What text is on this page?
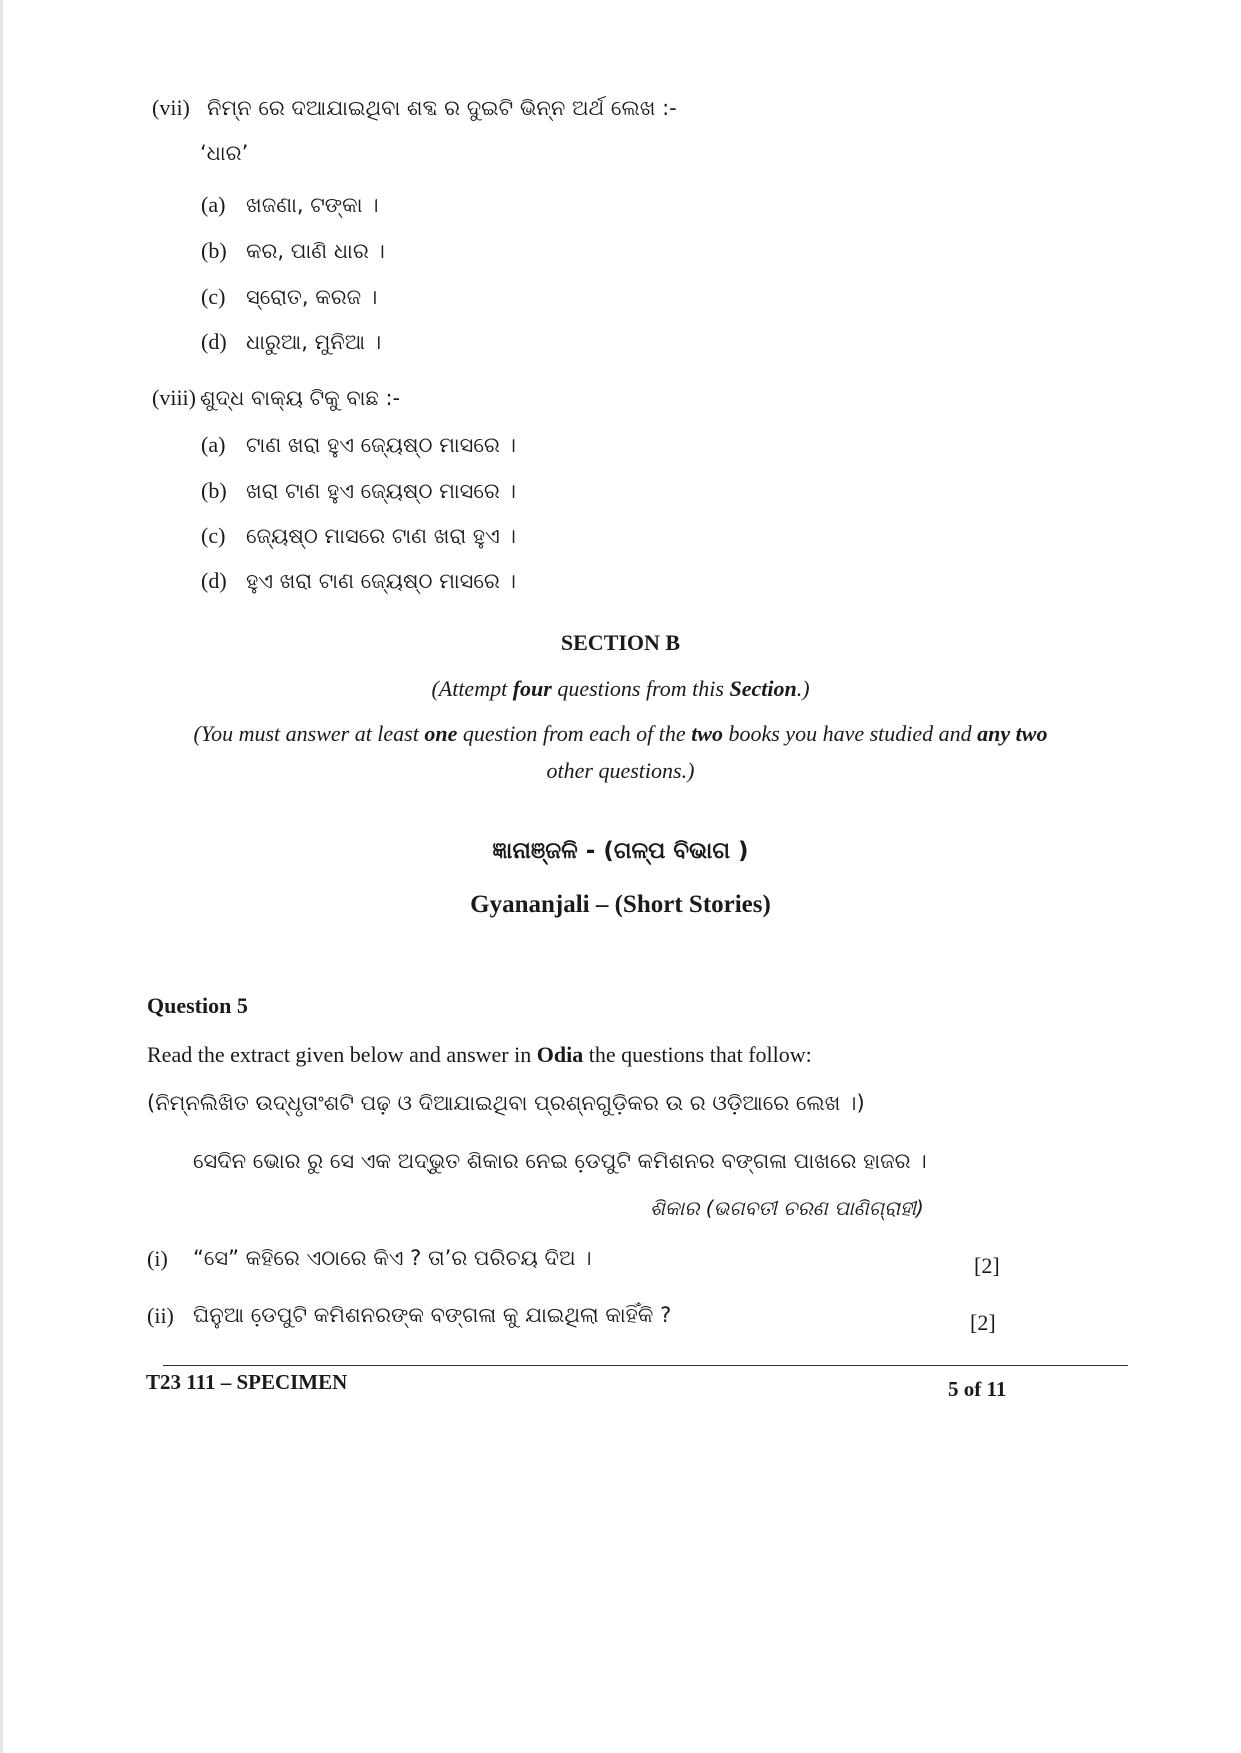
(vii) ନିମ୍ନ ରେ ଦଆଯାଇଥିବା ଶବ୍ଦ ର ଦୁଇଟି ଭିନ୍ନ ଅର୍ଥ ଲେଖ :-
‘ଧାର’
(a) ଖଜଣା, ଟଙ୍କା ।
(b) କର, ପାଣି ଧାର ।
(c) ସ୍ରୋତ, କରଜ ।
(d) ଧାରୁଆ, ମୁନିଆ ।
(viii) ଶୁଦ୍ଧ ବାକ୍ୟ ଟିକୁ ବାଛ :-
(a) ଟାଣ ଖରା ହୁଏ ଜ୍ୟେଷ୍ଠ ମାସରେ ।
(b) ଖରା ଟାଣ ହୁଏ ଜ୍ୟେଷ୍ଠ ମାସରେ ।
(c) ଜ୍ୟେଷ୍ଠ ମାସରେ ଟାଣ ଖରା ହୁଏ ।
(d) ହୁଏ ଖରା ଟାଣ ଜ୍ୟେଷ୍ଠ ମାସରେ ।
SECTION B
(Attempt four questions from this Section.)
(You must answer at least one question from each of the two books you have studied and any two
other questions.)
ଜ୍ଞାନାଞ୍ଜଳି - (ଗଳ୍ପ ବିଭାଗ )
Gyananjali – (Short Stories)
Question 5
Read the extract given below and answer in Odia the questions that follow:
(ନିମ୍ନଲିଖିତ ଉଦ୍ଧୃତାଂଶଟି ପଢ଼ ଓ ଦିଆଯାଇଥିବା ପ୍ରଶ୍ନଗୁଡ଼ିକର ଉ ର ଓଡ଼ିଆରେ ଲେଖ ।)
ସେଦିନ ଭୋର ରୁ ସେ ଏକ ଅଦ୍ଭୁତ ଶିକାର ନେଇ ଡେ଼ପୁଟି କମିଶନର ବଙ୍ଗଳା ପାଖରେ ହାଜର ।
ଶିକାର (ଭଗବତୀ ଚରଣ ପାଣିଗ୍ରାହୀ)
(i) “ସେ” କହିରେ ଏଠାରେ କିଏ ? ତା’ର ପରିଚୟ ଦିଅ ।	[2]
(ii) ଘିନୁଆ ଡେ଼ପୁଟି କମିଶନରଙ୍କ ବଙ୍ଗଳା କୁ ଯାଇଥିଲା କାହିଁକି ?	[2]
T23 111 – SPECIMEN	5 of 11
